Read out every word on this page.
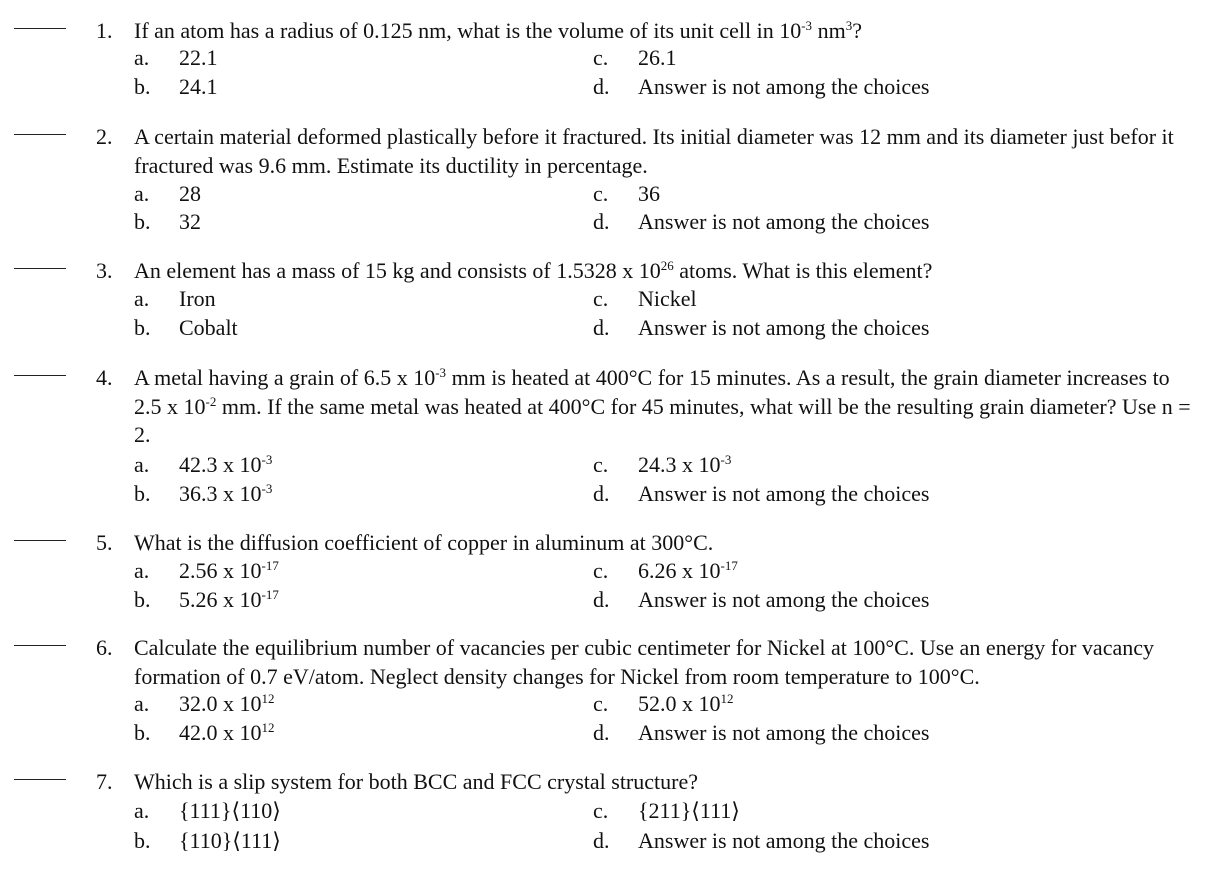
1. If an atom has a radius of 0.125 nm, what is the volume of its unit cell in $10^{-3}$ $nm^3$?
a. 22.1	c. 26.1
b. 24.1	d. Answer is not among the choices
2. A certain material deformed plastically before it fractured. Its initial diameter was 12 mm and its diameter just befor it fractured was 9.6 mm. Estimate its ductility in percentage.
a. 28	c. 36
b. 32	d. Answer is not among the choices
3. An element has a mass of 15 kg and consists of 1.5328 x $10^{26}$ atoms. What is this element?
a. Iron	c. Nickel
b. Cobalt	d. Answer is not among the choices
4. A metal having a grain of 6.5 x $10^{-3}$ mm is heated at 400°C for 15 minutes. As a result, the grain diameter increases to 2.5 x $10^{-2}$ mm. If the same metal was heated at 400°C for 45 minutes, what will be the resulting grain diameter? Use n = 2.
a. 42.3 x $10^{-3}$	c. 24.3 x $10^{-3}$
b. 36.3 x $10^{-3}$	d. Answer is not among the choices
5. What is the diffusion coefficient of copper in aluminum at 300°C.
a. 2.56 x $10^{-17}$	c. 6.26 x $10^{-17}$
b. 5.26 x $10^{-17}$	d. Answer is not among the choices
6. Calculate the equilibrium number of vacancies per cubic centimeter for Nickel at 100°C. Use an energy for vacancy formation of 0.7 eV/atom. Neglect density changes for Nickel from room temperature to 100°C.
a. 32.0 x $10^{12}$	c. 52.0 x $10^{12}$
b. 42.0 x $10^{12}$	d. Answer is not among the choices
7. Which is a slip system for both BCC and FCC crystal structure?
a. {111}⟨110⟩	c. {211}⟨111⟩
b. {110}⟨111⟩	d. Answer is not among the choices
